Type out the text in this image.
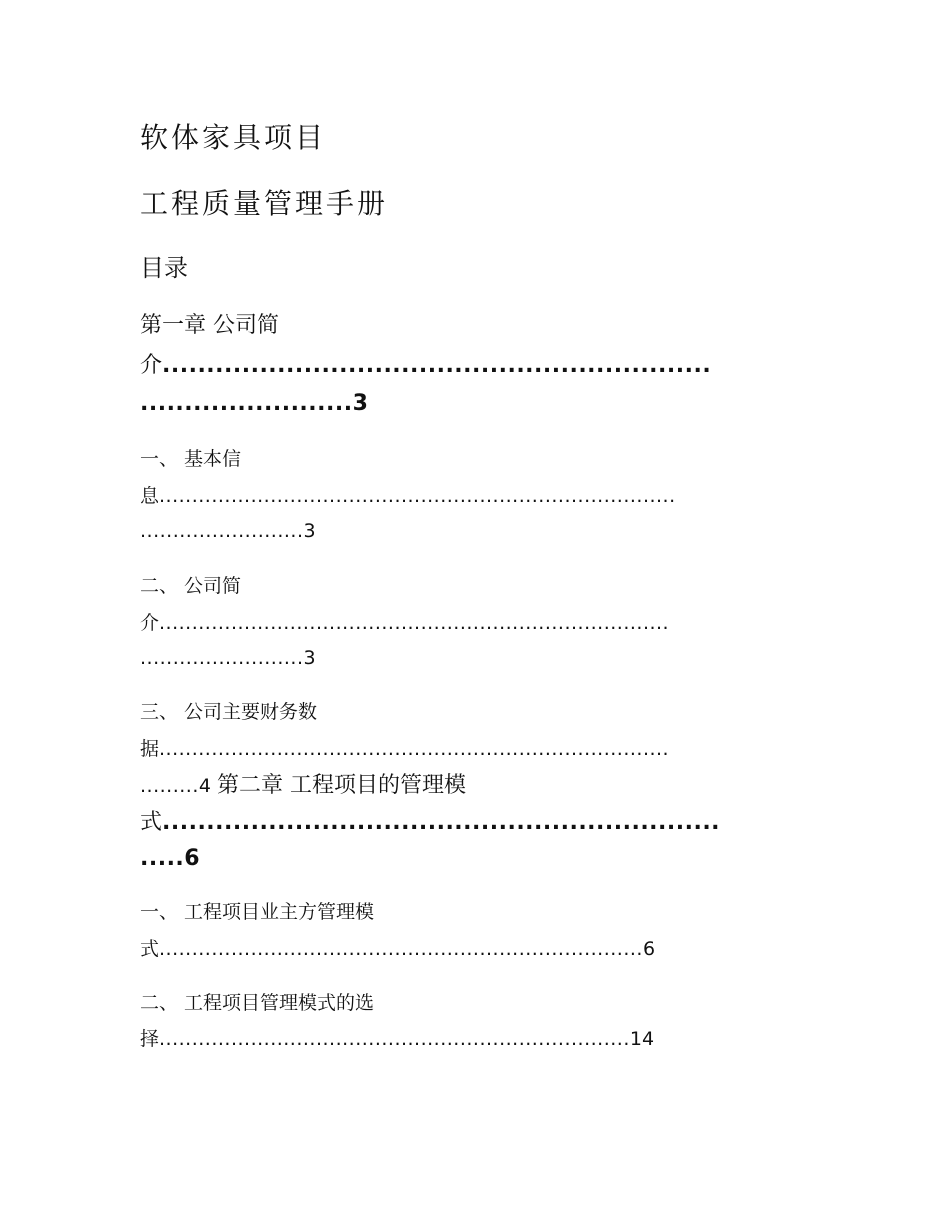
软体家具项目
工程质量管理手册
目录
第一章 公司简
介..............................................................
........................3
一、 基本信
息...............................................................................
.........................3
二、 公司简
介..............................................................................
.........................3
三、 公司主要财务数
据..............................................................................
.........4 第二章 工程项目的管理模
式...............................................................
.....6
一、 工程项目业主方管理模
式..........................................................................6
二、 工程项目管理模式的选
择........................................................................14
